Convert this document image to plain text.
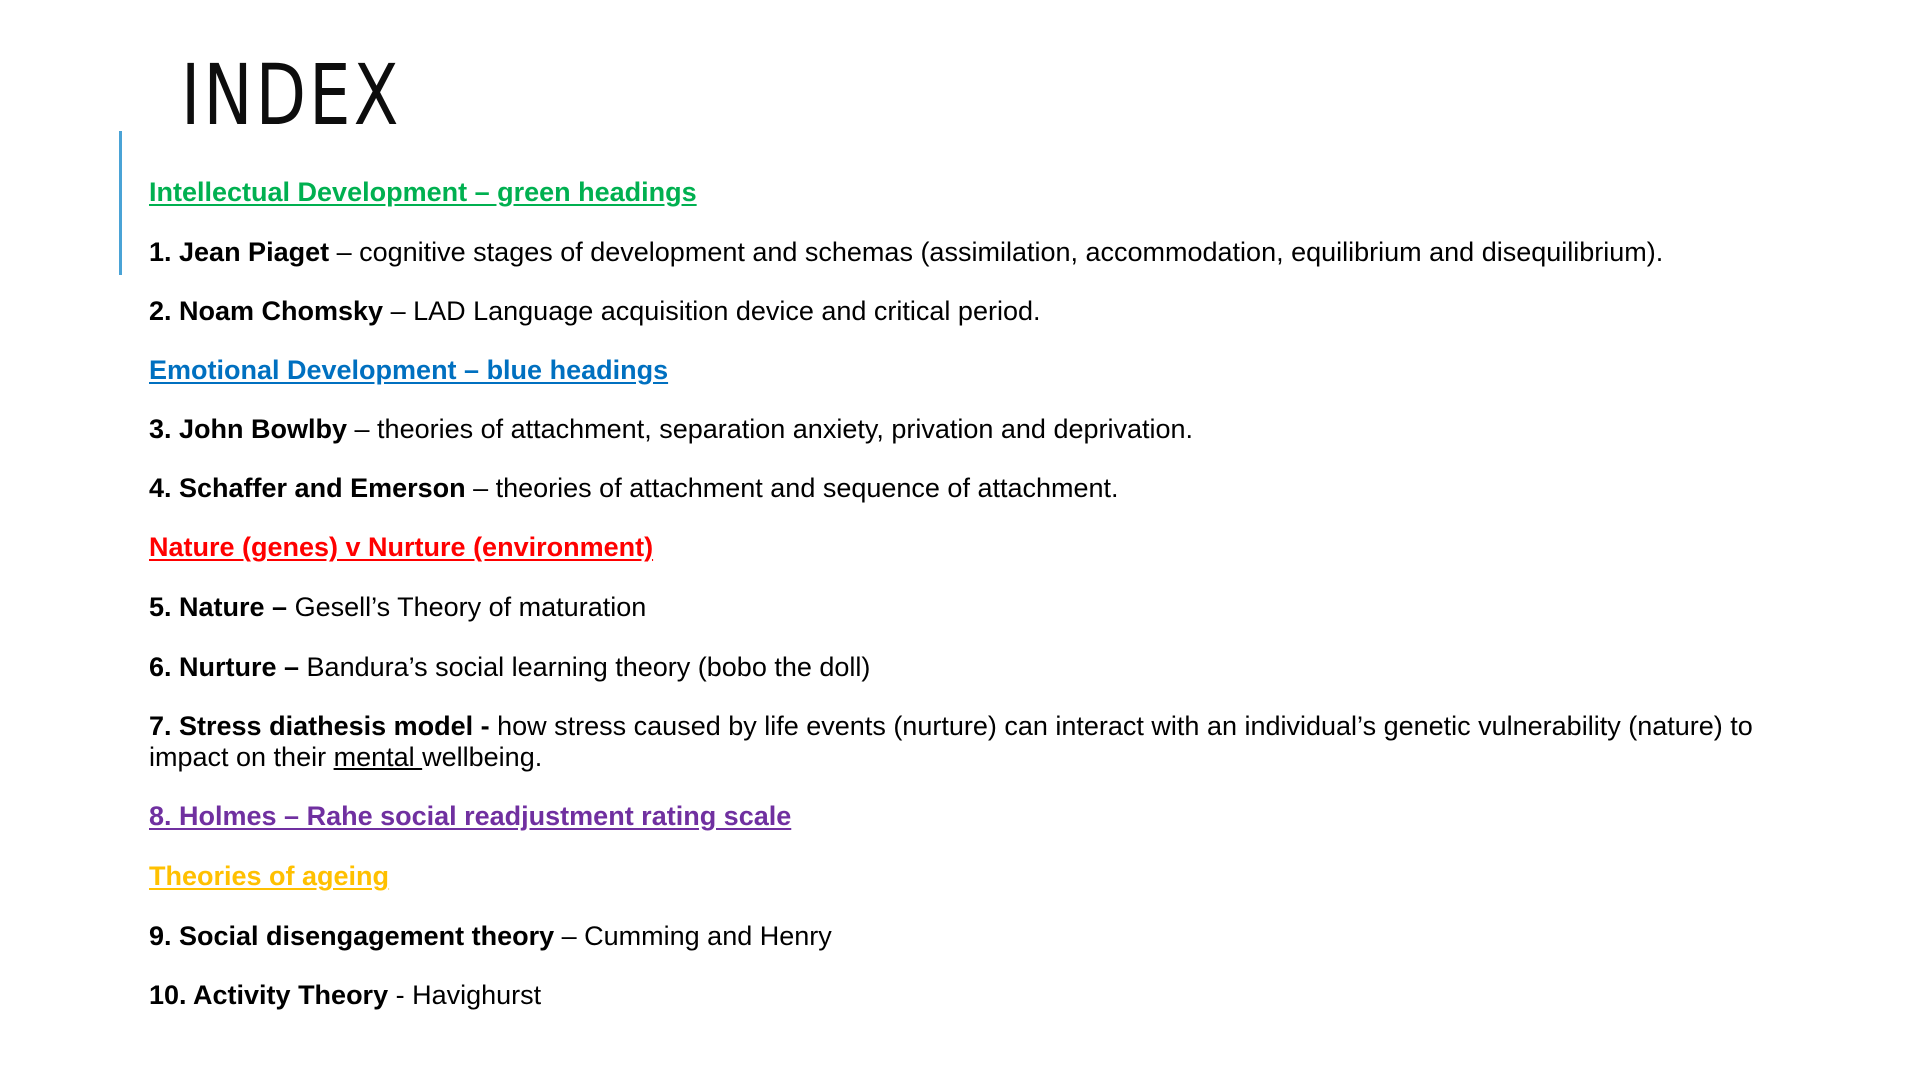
INDEX

Intellectual Development – green headings

1. Jean Piaget – cognitive stages of development and schemas (assimilation, accommodation, equilibrium and disequilibrium).

2. Noam Chomsky – LAD Language acquisition device and critical period.

Emotional Development – blue headings

3. John Bowlby – theories of attachment, separation anxiety, privation and deprivation.

4. Schaffer and Emerson – theories of attachment and sequence of attachment.

Nature (genes) v Nurture (environment)

5. Nature – Gesell’s Theory of maturation

6. Nurture – Bandura’s social learning theory (bobo the doll)

7. Stress diathesis model - how stress caused by life events (nurture) can interact with an individual’s genetic vulnerability (nature) to impact on their mental wellbeing.

8. Holmes – Rahe social readjustment rating scale

Theories of ageing

9. Social disengagement theory – Cumming and Henry

10. Activity Theory - Havighurst
